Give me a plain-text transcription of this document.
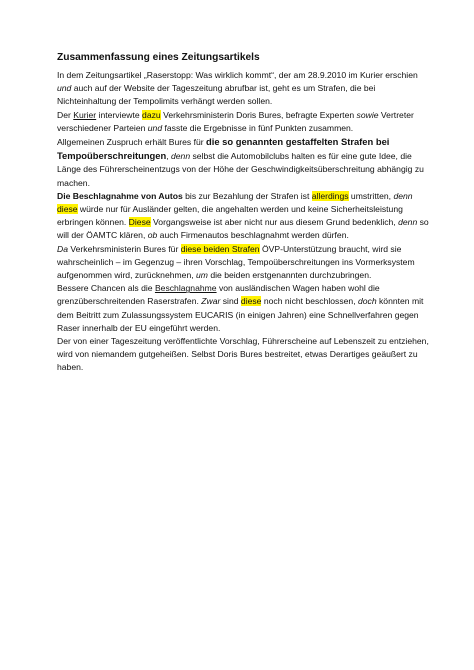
Zusammenfassung eines Zeitungsartikels

In dem Zeitungsartikel „Raserstopp: Was wirklich kommt“, der am 28.9.2010 im Kurier erschien und auch auf der Website der Tageszeitung abrufbar ist, geht es um Strafen, die bei Nichteinhaltung der Tempolimits verhängt werden sollen.

Der Kurier interviewte dazu Verkehrsministerin Doris Bures, befragte Experten sowie Vertreter verschiedener Parteien und fasste die Ergebnisse in fünf Punkten zusammen.

Allgemeinen Zuspruch erhält Bures für die so genannten gestaffelten Strafen bei Tempoüberschreitungen, denn selbst die Automobilclubs halten es für eine gute Idee, die Länge des Führerscheinentzugs von der Höhe der Geschwindigkeitsüberschreitung abhängig zu machen.

Die Beschlagnahme von Autos bis zur Bezahlung der Strafen ist allerdings umstritten, denn diese würde nur für Ausländer gelten, die angehalten werden und keine Sicherheitsleistung erbringen können. Diese Vorgangsweise ist aber nicht nur aus diesem Grund bedenklich, denn so will der ÖAMTC klären, ob auch Firmenautos beschlagnahmt werden dürfen.

Da Verkehrsministerin Bures für diese beiden Strafen ÖVP-Unterstützung braucht, wird sie wahrscheinlich – im Gegenzug – ihren Vorschlag, Tempoüberschreitungen ins Vormerksystem aufgenommen wird, zurücknehmen, um die beiden erstgenannten durchzubringen.

Bessere Chancen als die Beschlagnahme von ausländischen Wagen haben wohl die grenzüberschreitenden Raserstrafen. Zwar sind diese noch nicht beschlossen, doch könnten mit dem Beitritt zum Zulassungssystem EUCARIS (in einigen Jahren) eine Schnellverfahren gegen Raser innerhalb der EU eingeführt werden.

Der von einer Tageszeitung veröffentlichte Vorschlag, Führerscheine auf Lebenszeit zu entziehen, wird von niemandem gutgeheißen. Selbst Doris Bures bestreitet, etwas Derartiges geäußert zu haben.
